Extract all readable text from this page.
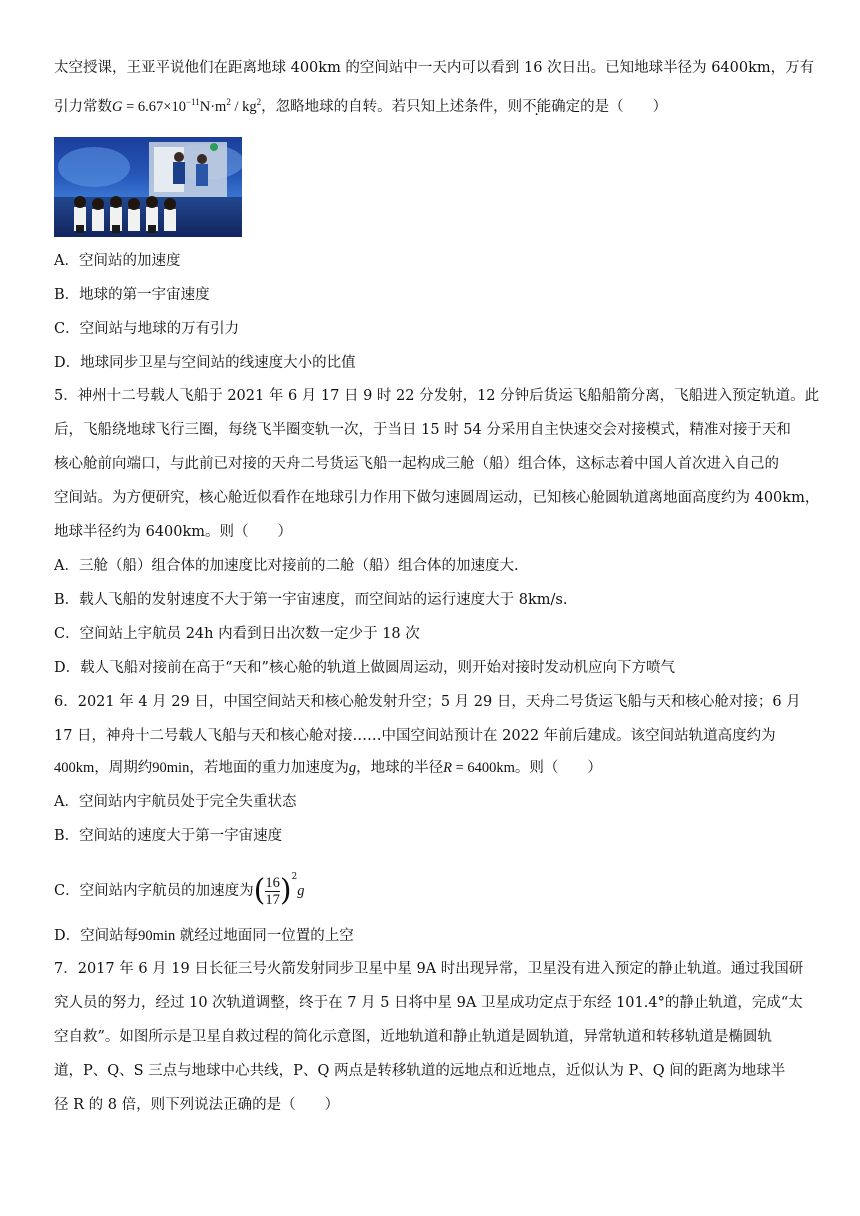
太空授课，王亚平说他们在距离地球 400km 的空间站中一天内可以看到 16 次日出。已知地球半径为 6400km，万有
引力常数$G = 6.67\times 10^{-11}N\cdot m^2 / kg^2$，忽略地球的自转。若只知上述条件，则不能确定的是（　　）
A．空间站的加速度
B．地球的第一宇宙速度
C．空间站与地球的万有引力
D．地球同步卫星与空间站的线速度大小的比值
5．神州十二号载人飞船于 2021 年 6 月 17 日 9 时 22 分发射，12 分钟后货运飞船船箭分离，飞船进入预定轨道。此
后，飞船绕地球飞行三圈，每绕飞半圈变轨一次，于当日 15 时 54 分采用自主快速交会对接模式，精准对接于天和
核心舱前向端口，与此前已对接的天舟二号货运飞船一起构成三舱（船）组合体，这标志着中国人首次进入自己的
空间站。为方便研究，核心舱近似看作在地球引力作用下做匀速圆周运动，已知核心舱圆轨道离地面高度约为 400km，
地球半径约为 6400km。则（　　）
A．三舱（船）组合体的加速度比对接前的二舱（船）组合体的加速度大.
B．载人飞船的发射速度不大于第一宇宙速度，而空间站的运行速度大于 8km/s.
C．空间站上宇航员 24h 内看到日出次数一定少于 18 次
D．载人飞船对接前在高于“天和”核心舱的轨道上做圆周运动，则开始对接时发动机应向下方喷气
6．2021 年 4 月 29 日，中国空间站天和核心舱发射升空；5 月 29 日，天舟二号货运飞船与天和核心舱对接；6 月
17 日，神舟十二号载人飞船与天和核心舱对接……中国空间站预计在 2022 年前后建成。该空间站轨道高度约为
400km，周期约90min，若地面的重力加速度为g，地球的半径R = 6400km。则（　　）
A．空间站内宇航员处于完全失重状态
B．空间站的速度大于第一宇宙速度
C．空间站内字航员的加速度为( $\frac{16}{17} )^2g$
D．空间站每90min 就经过地面同一位置的上空
7．2017 年 6 月 19 日长征三号火箭发射同步卫星中星 9A 时出现异常，卫星没有进入预定的静止轨道。通过我国研
究人员的努力，经过 10 次轨道调整，终于在 7 月 5 日将中星 9A 卫星成功定点于东经 101.4°的静止轨道，完成“太
空自救”。如图所示是卫星自救过程的简化示意图，近地轨道和静止轨道是圆轨道，异常轨道和转移轨道是椭圆轨
道，P、Q、S 三点与地球中心共线，P、Q 两点是转移轨道的远地点和近地点，近似认为 P、Q 间的距离为地球半
径 R 的 8 倍，则下列说法正确的是（　　）
